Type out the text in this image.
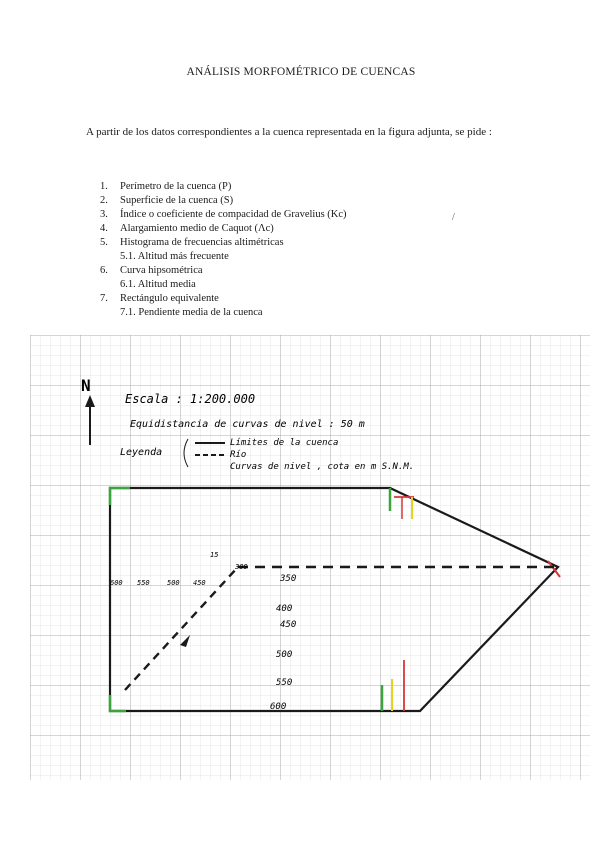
ANÁLISIS MORFOMÉTRICO DE CUENCAS
A partir de los datos correspondientes a la cuenca representada en la figura adjunta, se pide :
1.	Perímetro de la cuenca (P)
2.	Superficie de la cuenca (S)
3.	Índice o coeficiente de compacidad de Gravelius (Kc)
4.	Alargamiento medio de Caquot (Λc)
5.	Histograma de frecuencias altimétricas
5.1. Altitud más frecuente
6.	Curva hipsométrica
6.1. Altitud media
7.	Rectángulo equivalente
7.1. Pendiente media de la cuenca
/
N
Escala : 1:200.000
Equidistancia de curvas de nivel : 50 m
Leyenda
Límites de la cuenca
Río
Curvas de nivel , cota en m S.N.M.
600 550 500 450
300
15
350
400
450
500
550
600
